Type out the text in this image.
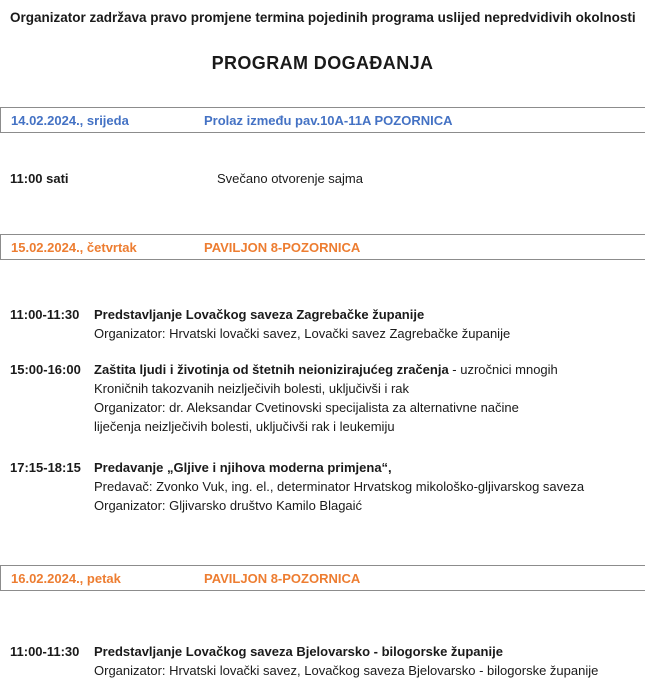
Organizator zadržava pravo promjene termina pojedinih programa uslijed nepredvidivih okolnosti
PROGRAM DOGAĐANJA
14.02.2024., srijeda	Prolaz između pav.10A-11A POZORNICA
11:00 sati	Svečano otvorenje sajma
15.02.2024., četvrtak	PAVILJON 8-POZORNICA
11:00-11:30	Predstavljanje Lovačkog saveza Zagrebačke županije
Organizator: Hrvatski lovački savez, Lovački savez Zagrebačke županije
15:00-16:00	Zaštita ljudi i životinja od štetnih neionizirajućeg zračenja - uzročnici mnogih
Kroničnih takozvanih neizlječivih bolesti, uključivši i rak
Organizator: dr. Aleksandar Cvetinovski specijalista za alternativne načine
liječenja neizlječivih bolesti, uključivši rak i leukemiju
17:15-18:15	Predavanje „Gljive i njihova moderna primjena“,
Predavač: Zvonko Vuk, ing. el., determinator Hrvatskog mikološko-gljivarskog saveza
Organizator: Gljivarsko društvo Kamilo Blagaić
16.02.2024., petak	PAVILJON 8-POZORNICA
11:00-11:30	Predstavljanje Lovačkog saveza Bjelovarsko - bilogorske županije
Organizator: Hrvatski lovački savez, Lovačkog saveza Bjelovarsko - bilogorske županije
